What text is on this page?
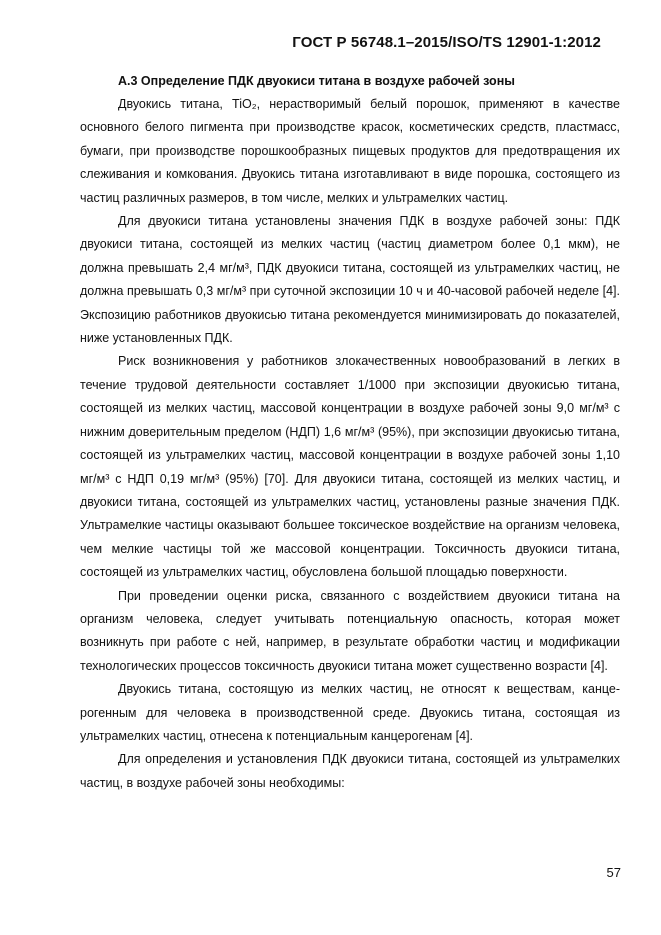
ГОСТ Р 56748.1–2015/ISO/TS 12901-1:2012
А.3 Определение ПДК двуокиси титана в воздухе рабочей зоны

Двуокись титана, TiO₂, нерастворимый белый порошок, применяют в качестве основного белого пигмента при производстве красок, косметических средств, пластмасс, бумаги, при производстве порошкообразных пищевых продуктов для предотвращения их слеживания и комкования. Двуокись титана изготавливают в виде порошка, состоящего из частиц различных размеров, в том числе, мелких и ультрамелких частиц.

Для двуокиси титана установлены значения ПДК в воздухе рабочей зоны: ПДК двуокиси титана, состоящей из мелких частиц (частиц диаметром более 0,1 мкм), не должна превышать 2,4 мг/м³, ПДК двуокиси титана, состоящей из ультрамелких частиц, не должна превышать 0,3 мг/м³ при суточной экспозиции 10 ч и 40-часовой рабочей неделе [4]. Экспозицию работников двуокисью титана рекомендуется минимизировать до показателей, ниже установленных ПДК.

Риск возникновения у работников злокачественных новообразований в легких в течение трудовой деятельности составляет 1/1000 при экспозиции двуокисью титана, состоящей из мелких частиц, массовой концентрации в воздухе рабочей зоны 9,0 мг/м³ с нижним доверительным пределом (НДП) 1,6 мг/м³ (95%), при экспозиции двуокисью титана, состоящей из ультрамелких частиц, массовой концентрации в воздухе рабочей зоны 1,10 мг/м³ с НДП 0,19 мг/м³ (95%) [70]. Для двуокиси титана, состоящей из мелких частиц, и двуокиси титана, состоящей из ультрамелких частиц, установлены разные значения ПДК. Ультрамелкие частицы оказывают большее токсическое воздействие на организм человека, чем мелкие частицы той же массовой концентрации. Токсичность двуокиси титана, состоящей из ультрамелких частиц, обусловлена большой площадью поверхности.

При проведении оценки риска, связанного с воздействием двуокиси титана на организм человека, следует учитывать потенциальную опасность, которая может возникнуть при работе с ней, например, в результате обработки частиц и модификации технологических процессов токсичность двуокиси титана может существенно возрасти [4].

Двуокись титана, состоящую из мелких частиц, не относят к веществам, канцерогенным для человека в производственной среде. Двуокись титана, состоящая из ультрамелких частиц, отнесена к потенциальным канцерогенам [4].

Для определения и установления ПДК двуокиси титана, состоящей из ультрамелких частиц, в воздухе рабочей зоны необходимы:

57
